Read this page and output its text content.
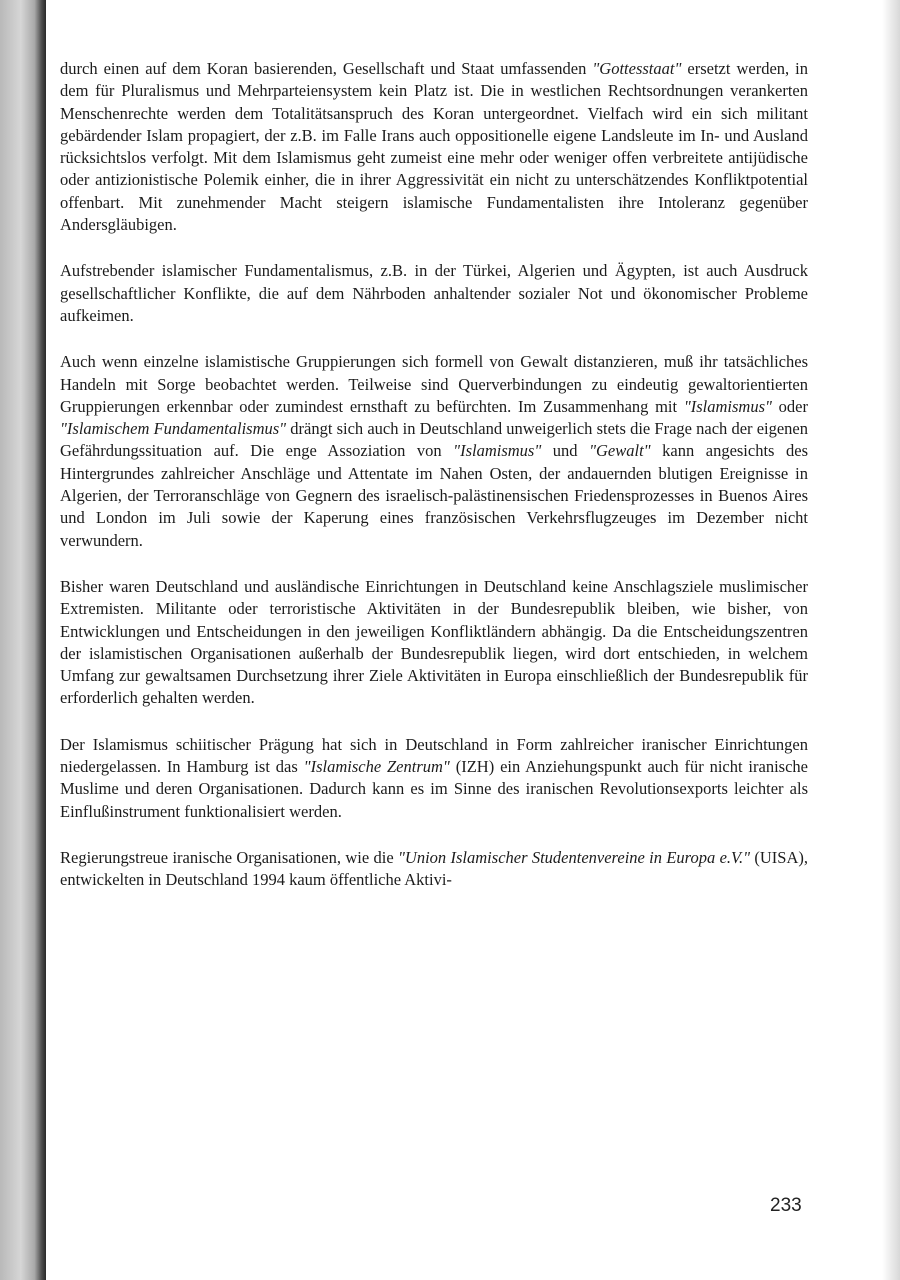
durch einen auf dem Koran basierenden, Gesellschaft und Staat umfassenden "Gottesstaat" ersetzt werden, in dem für Pluralismus und Mehrparteiensystem kein Platz ist. Die in westlichen Rechtsordnungen verankerten Menschenrechte werden dem Totalitätsanspruch des Koran untergeordnet. Vielfach wird ein sich militant gebärdender Islam propagiert, der z.B. im Falle Irans auch oppositionelle eigene Landsleute im In- und Ausland rücksichtslos verfolgt. Mit dem Islamismus geht zumeist eine mehr oder weniger offen verbreitete antijüdische oder antizionistische Polemik einher, die in ihrer Aggressivität ein nicht zu unterschätzendes Konfliktpotential offenbart. Mit zunehmender Macht steigern islamische Fundamentalisten ihre Intoleranz gegenüber Andersgläubigen.

Aufstrebender islamischer Fundamentalismus, z.B. in der Türkei, Algerien und Ägypten, ist auch Ausdruck gesellschaftlicher Konflikte, die auf dem Nährboden anhaltender sozialer Not und ökonomischer Probleme aufkeimen.

Auch wenn einzelne islamistische Gruppierungen sich formell von Gewalt distanzieren, muß ihr tatsächliches Handeln mit Sorge beobachtet werden. Teilweise sind Querverbindungen zu eindeutig gewaltorientierten Gruppierungen erkennbar oder zumindest ernsthaft zu befürchten. Im Zusammenhang mit "Islamismus" oder "Islamischem Fundamentalismus" drängt sich auch in Deutschland unweigerlich stets die Frage nach der eigenen Gefährdungssituation auf. Die enge Assoziation von "Islamismus" und "Gewalt" kann angesichts des Hintergrundes zahlreicher Anschläge und Attentate im Nahen Osten, der andauernden blutigen Ereignisse in Algerien, der Terroranschläge von Gegnern des israelisch-palästinensischen Friedensprozesses in Buenos Aires und London im Juli sowie der Kaperung eines französischen Verkehrsflugzeuges im Dezember nicht verwundern.

Bisher waren Deutschland und ausländische Einrichtungen in Deutschland keine Anschlagsziele muslimischer Extremisten. Militante oder terroristische Aktivitäten in der Bundesrepublik bleiben, wie bisher, von Entwicklungen und Entscheidungen in den jeweiligen Konfliktländern abhängig. Da die Entscheidungszentren der islamistischen Organisationen außerhalb der Bundesrepublik liegen, wird dort entschieden, in welchem Umfang zur gewaltsamen Durchsetzung ihrer Ziele Aktivitäten in Europa einschließlich der Bundesrepublik für erforderlich gehalten werden.

Der Islamismus schiitischer Prägung hat sich in Deutschland in Form zahlreicher iranischer Einrichtungen niedergelassen. In Hamburg ist das "Islamische Zentrum" (IZH) ein Anziehungspunkt auch für nicht iranische Muslime und deren Organisationen. Dadurch kann es im Sinne des iranischen Revolutionsexports leichter als Einflußinstrument funktionalisiert werden.

Regierungstreue iranische Organisationen, wie die "Union Islamischer Studentenvereine in Europa e.V." (UISA), entwickelten in Deutschland 1994 kaum öffentliche Aktivi-

233
